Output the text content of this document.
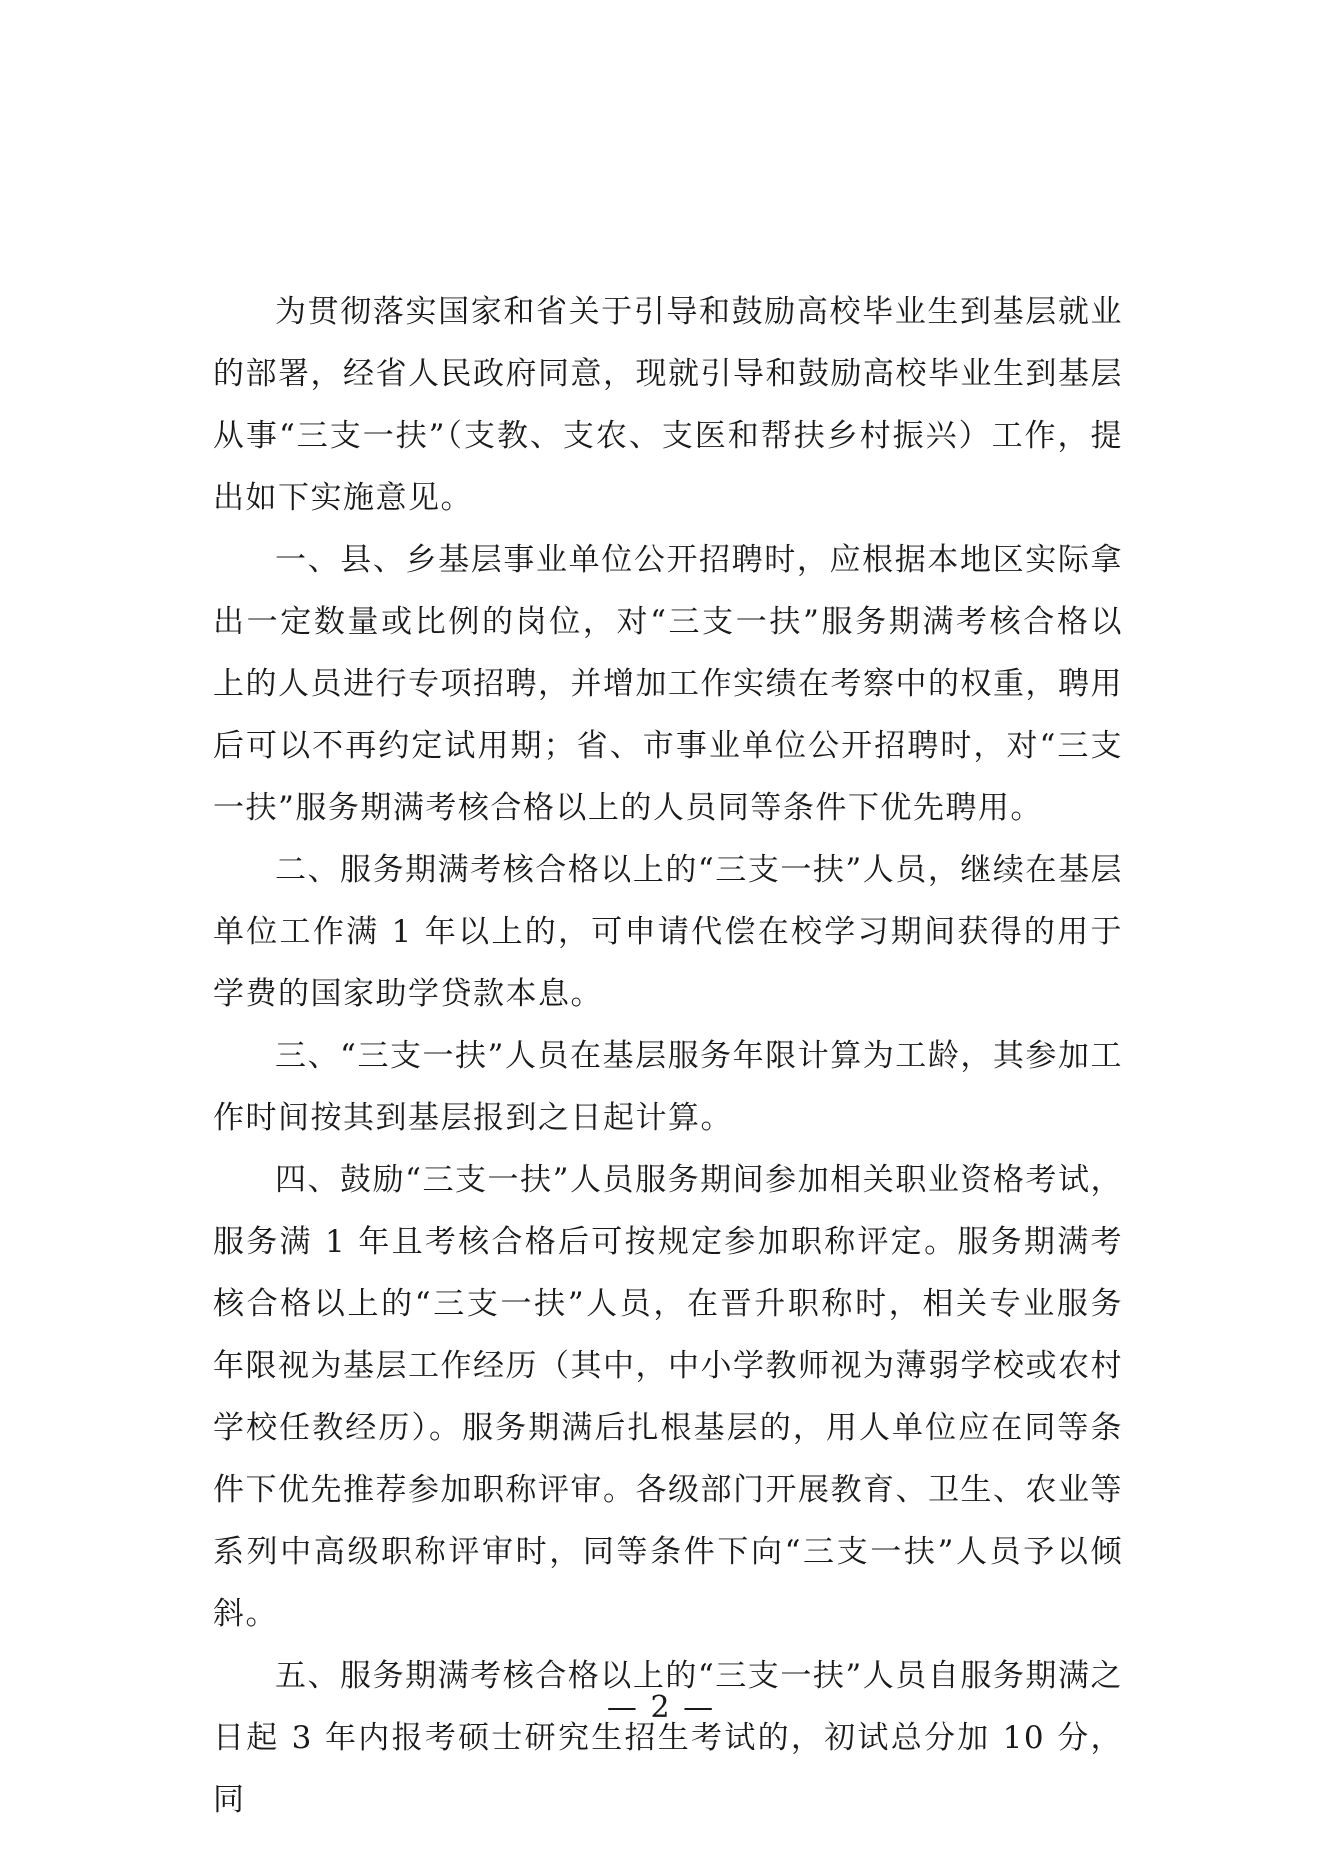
为贯彻落实国家和省关于引导和鼓励高校毕业生到基层就业的部署，经省人民政府同意，现就引导和鼓励高校毕业生到基层从事“三支一扶”（支教、支农、支医和帮扶乡村振兴）工作，提出如下实施意见。

一、县、乡基层事业单位公开招聘时，应根据本地区实际拿出一定数量或比例的岗位，对“三支一扶”服务期满考核合格以上的人员进行专项招聘，并增加工作实绩在考察中的权重，聘用后可以不再约定试用期；省、市事业单位公开招聘时，对“三支一扶”服务期满考核合格以上的人员同等条件下优先聘用。

二、服务期满考核合格以上的“三支一扶”人员，继续在基层单位工作满 1 年以上的，可申请代偿在校学习期间获得的用于学费的国家助学贷款本息。

三、“三支一扶”人员在基层服务年限计算为工龄，其参加工作时间按其到基层报到之日起计算。

四、鼓励“三支一扶”人员服务期间参加相关职业资格考试，服务满 1 年且考核合格后可按规定参加职称评定。服务期满考核合格以上的“三支一扶”人员，在晋升职称时，相关专业服务年限视为基层工作经历（其中，中小学教师视为薄弱学校或农村学校任教经历）。服务期满后扎根基层的，用人单位应在同等条件下优先推荐参加职称评审。各级部门开展教育、卫生、农业等系列中高级职称评审时，同等条件下向“三支一扶”人员予以倾斜。

五、服务期满考核合格以上的“三支一扶”人员自服务期满之日起 3 年内报考硕士研究生招生考试的，初试总分加 10 分，同

— 2 —
